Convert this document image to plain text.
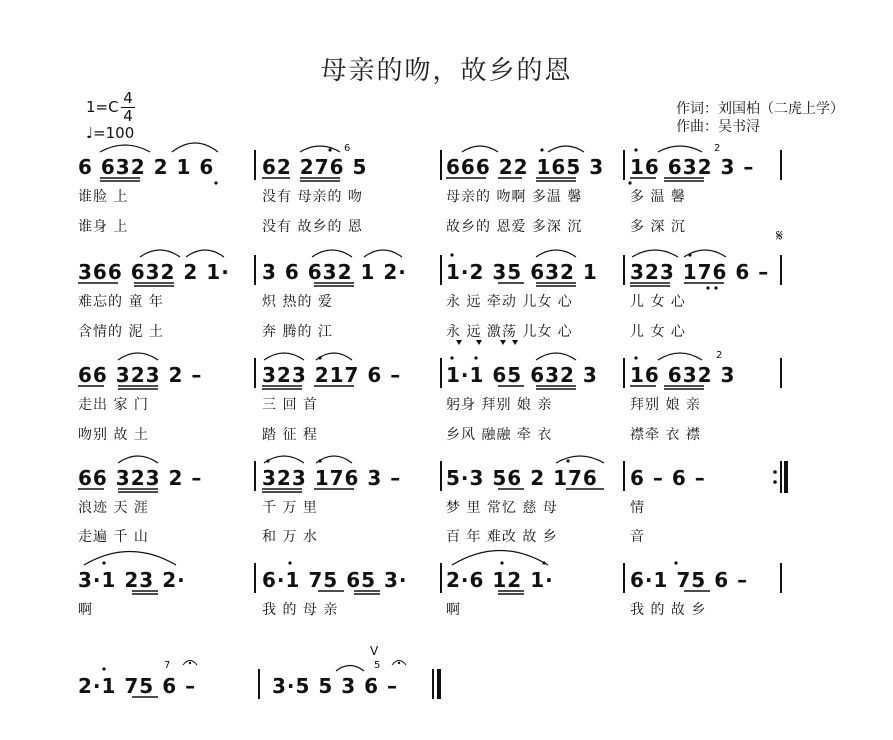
母亲的吻，故乡的恩
1=C 4
4
♩=100
作词：刘国柏（二虎上学）
作曲：吴书浔
𝄋
6 632 2 1 6 62 276 5	666 22 165 3 16 632 3 –
6	2
谁脸 上	没有 母亲的 吻	母亲的 吻啊 多温 馨	多 温 馨
谁身 上	没有 故乡的 恩	故乡的 恩爱 多深 沉	多 深 沉
366 632 2 1· 3 6 632 1 2· 1·2 35 632 1 323 176 6 –
难忘的 童 年	炽 热的 爱	永 远 牵动 儿女 心	儿 女 心
含情的 泥 土	奔 腾的 江	永 远 激荡 儿女 心	儿 女 心
66 323 2 –	323 217 6 – 1·1 65 632 3 16 632 3
2
走出 家 门	三 回 首	躬身 拜别 娘 亲	拜别 娘 亲
吻别 故 土	踏 征 程	乡风 融融 牵 衣	襟牵 衣 襟
66 323 2 –	323 176 3 – 5·3 56 2 176 6 – 6 –
浪迹 天 涯	千 万 里	梦 里 常忆 慈 母	情
走遍 千 山	和 万 水	百 年 难改 故 乡	音
3·1 23 2·	6·1 75 65 3· 2·6 12 1·	6·1 75 6 –
啊	我 的 母 亲	啊	我 的 故 乡
2·1 75 6 –	3·5 5 3 6 –
7	5
V
